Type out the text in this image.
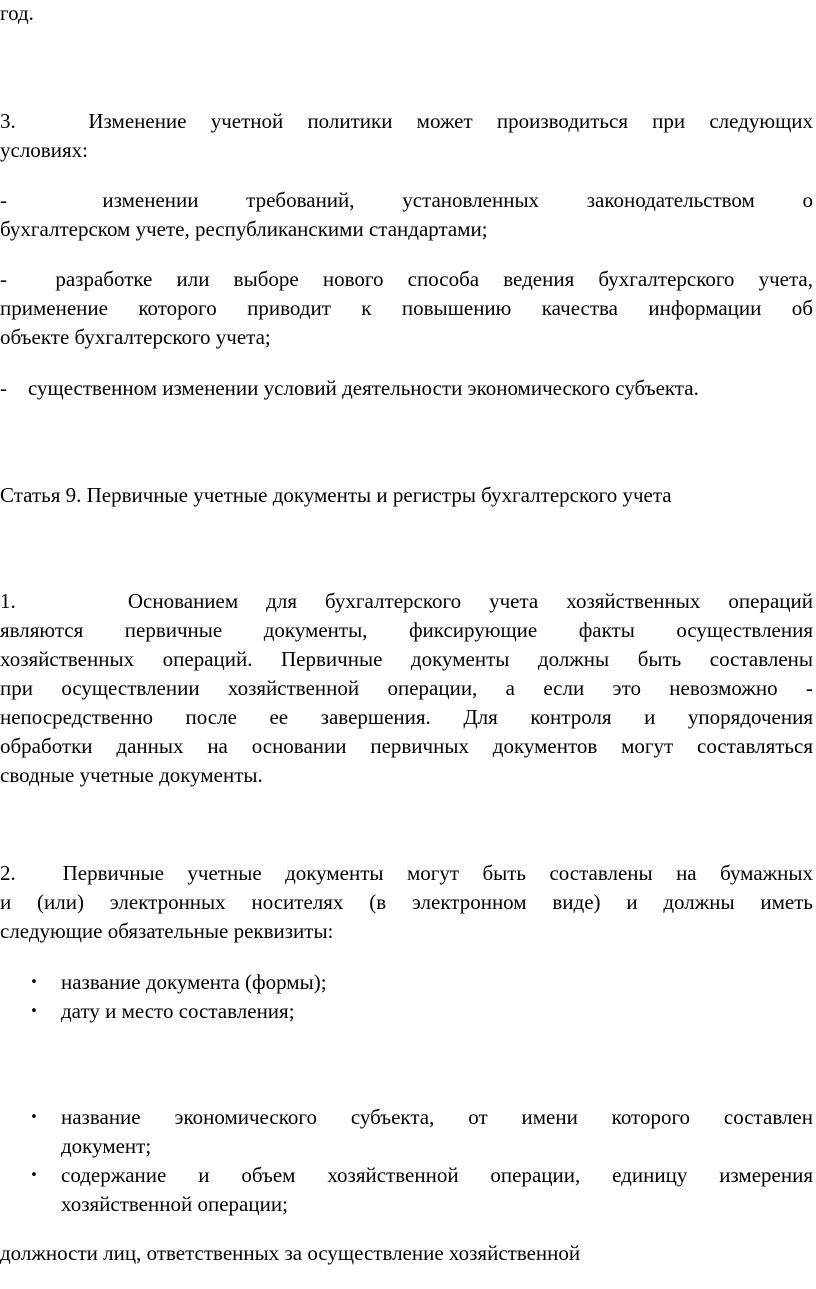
год.

3.   Изменение учетной политики может производиться при следующих
условиях:

-        изменении    требований,    установленных    законодательством    о
бухгалтерском учете, республиканскими стандартами;

-  разработке или выборе нового способа ведения бухгалтерского учета,
применение которого приводит к повышению качества информации об
объекте бухгалтерского учета;

-    существенном изменении условий деятельности экономического субъекта.

Статья 9. Первичные учетные документы и регистры бухгалтерского учета

1.    Основанием для бухгалтерского учета хозяйственных операций
являются первичные документы, фиксирующие факты осуществления
хозяйственных операций. Первичные документы должны быть составлены
при осуществлении хозяйственной операции, а если это невозможно -
непосредственно после ее завершения. Для контроля и упорядочения
обработки данных на основании первичных документов могут составляться
сводные учетные документы.

2.  Первичные учетные документы могут быть составлены на бумажных
и (или) электронных носителях (в электронном виде) и должны иметь
следующие обязательные реквизиты:

• название документа (формы);
• дату и место составления;
• название экономического субъекта, от имени которого составлен
документ;
• содержание и объем хозяйственной операции, единицу измерения
хозяйственной операции;

должности лиц, ответственных за осуществление хозяйственной
